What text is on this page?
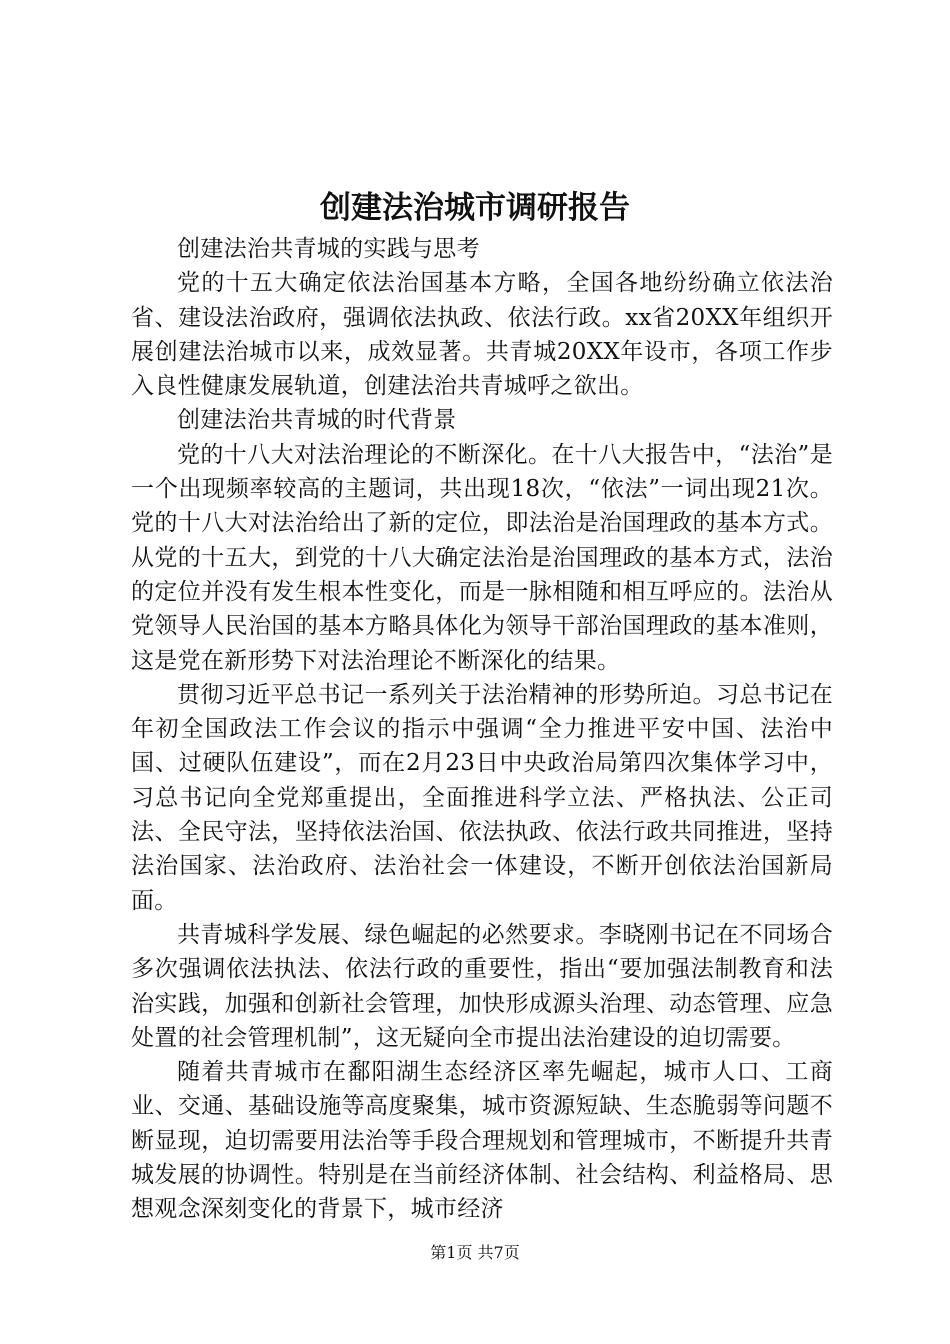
创建法治城市调研报告

创建法治共青城的实践与思考

党的十五大确定依法治国基本方略，全国各地纷纷确立依法治省、建设法治政府，强调依法执政、依法行政。xx省20XX年组织开展创建法治城市以来，成效显著。共青城20XX年设市，各项工作步入良性健康发展轨道，创建法治共青城呼之欲出。

创建法治共青城的时代背景

党的十八大对法治理论的不断深化。在十八大报告中，“法治”是一个出现频率较高的主题词，共出现18次，“依法”一词出现21次。党的十八大对法治给出了新的定位，即法治是治国理政的基本方式。从党的十五大，到党的十八大确定法治是治国理政的基本方式，法治的定位并没有发生根本性变化，而是一脉相随和相互呼应的。法治从党领导人民治国的基本方略具体化为领导干部治国理政的基本准则，这是党在新形势下对法治理论不断深化的结果。

贯彻习近平总书记一系列关于法治精神的形势所迫。习总书记在年初全国政法工作会议的指示中强调“全力推进平安中国、法治中国、过硬队伍建设”，而在2月23日中央政治局第四次集体学习中，习总书记向全党郑重提出，全面推进科学立法、严格执法、公正司法、全民守法，坚持依法治国、依法执政、依法行政共同推进，坚持法治国家、法治政府、法治社会一体建设，不断开创依法治国新局面。

共青城科学发展、绿色崛起的必然要求。李晓刚书记在不同场合多次强调依法执法、依法行政的重要性，指出“要加强法制教育和法治实践，加强和创新社会管理，加快形成源头治理、动态管理、应急处置的社会管理机制”，这无疑向全市提出法治建设的迫切需要。

随着共青城市在鄱阳湖生态经济区率先崛起，城市人口、工商业、交通、基础设施等高度聚集，城市资源短缺、生态脆弱等问题不断显现，迫切需要用法治等手段合理规划和管理城市，不断提升共青城发展的协调性。特别是在当前经济体制、社会结构、利益格局、思想观念深刻变化的背景下，城市经济

第1页 共7页
